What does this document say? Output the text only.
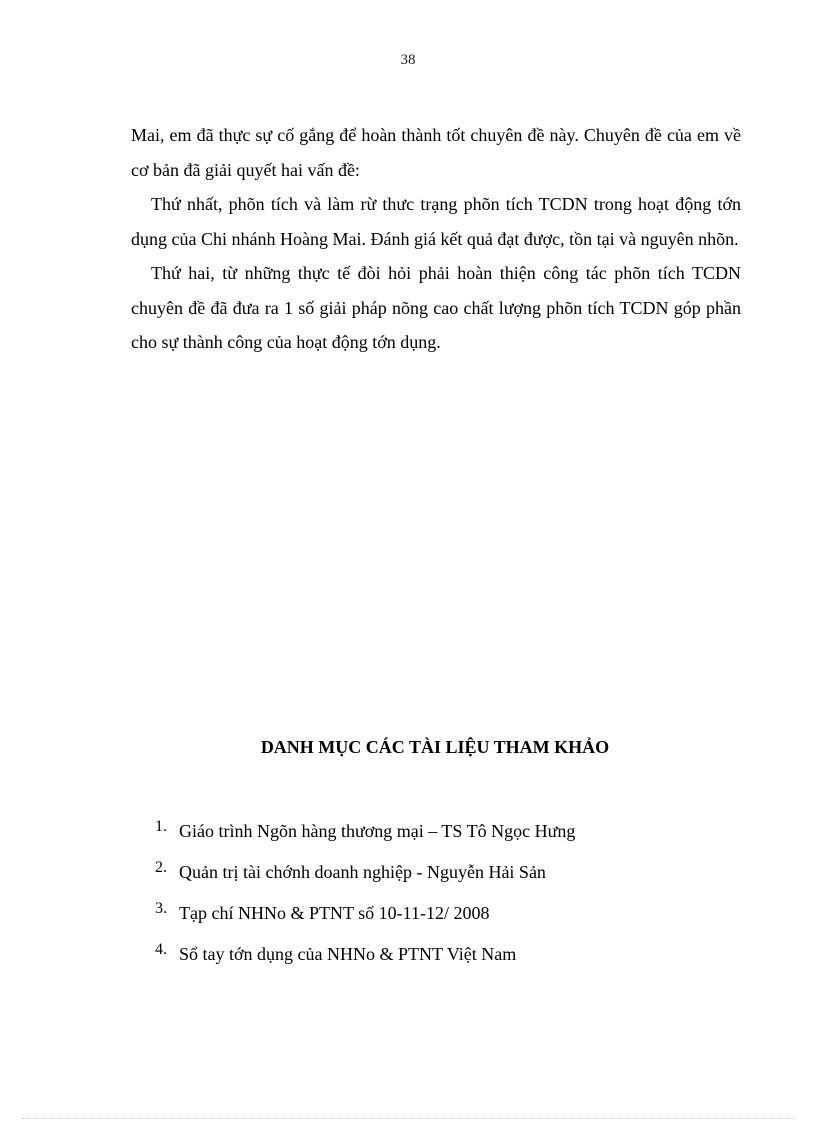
38

Mai, em đã thực sự cố gắng để hoàn thành tốt chuyên đề này. Chuyên đề của em về cơ bản đã giải quyết hai vấn đề:

Thứ nhất, phõn tích và làm rừ thưc trạng phõn tích TCDN trong hoạt động tớn dụng của Chi nhánh Hoàng Mai. Đánh giá kết quả đạt được, tồn tại và nguyên nhõn.

Thứ hai, từ những thực tế đòi hỏi phải hoàn thiện công tác phõn tích TCDN chuyên đề đã đưa ra 1 số giải pháp nõng cao chất lượng phõn tích TCDN góp phần cho sự thành công của hoạt động tớn dụng.

DANH MỤC CÁC TÀI LIỆU THAM KHẢO
1. Giáo trình Ngõn hàng thương mại – TS Tô Ngọc Hưng
2. Quản trị tài chớnh doanh nghiệp - Nguyễn Hải Sản
3. Tạp chí NHNo & PTNT số 10-11-12/ 2008
4. Sổ tay tớn dụng của NHNo & PTNT Việt Nam
